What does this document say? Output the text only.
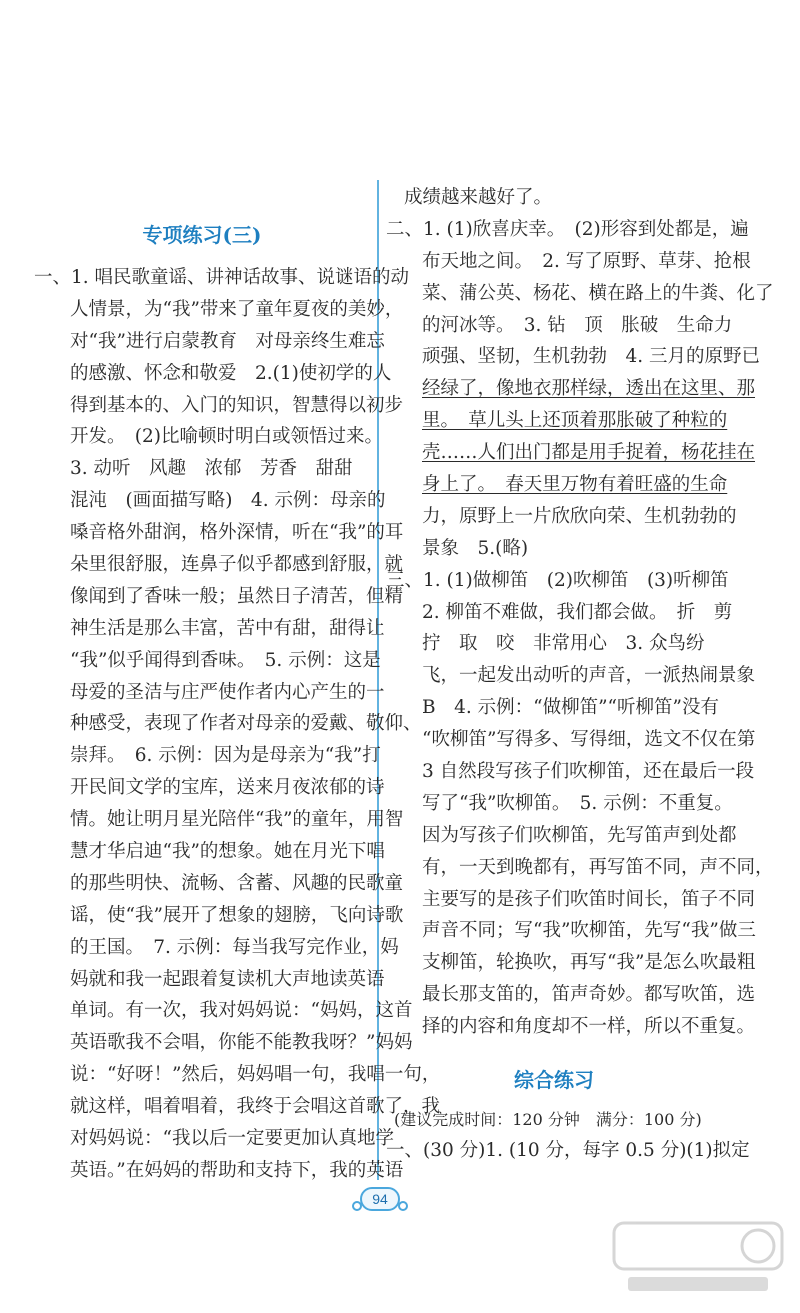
专项练习(三)
一、1. 唱民歌童谣、讲神话故事、说谜语的动
人情景，为“我”带来了童年夏夜的美妙，
对“我”进行启蒙教育　对母亲终生难忘
的感激、怀念和敬爱　2.(1)使初学的人
得到基本的、入门的知识，智慧得以初步
开发。　(2)比喻顿时明白或领悟过来。
3. 动听　风趣　浓郁　芳香　甜甜
混沌　(画面描写略)　4. 示例：母亲的
嗓音格外甜润，格外深情，听在“我”的耳
朵里很舒服，连鼻子似乎都感到舒服，就
像闻到了香味一般；虽然日子清苦，但精
神生活是那么丰富，苦中有甜，甜得让
“我”似乎闻得到香味。　5. 示例：这是
母爱的圣洁与庄严使作者内心产生的一
种感受，表现了作者对母亲的爱戴、敬仰、
崇拜。　6. 示例：因为是母亲为“我”打
开民间文学的宝库，送来月夜浓郁的诗
情。她让明月星光陪伴“我”的童年，用智
慧才华启迪“我”的想象。她在月光下唱
的那些明快、流畅、含蓄、风趣的民歌童
谣，使“我”展开了想象的翅膀，飞向诗歌
的王国。　7. 示例：每当我写完作业，妈
妈就和我一起跟着复读机大声地读英语
单词。有一次，我对妈妈说：“妈妈，这首
英语歌我不会唱，你能不能教我呀？”妈妈
说：“好呀！”然后，妈妈唱一句，我唱一句，
就这样，唱着唱着，我终于会唱这首歌了，我
对妈妈说：“我以后一定要更加认真地学
英语。”在妈妈的帮助和支持下，我的英语
成绩越来越好了。
二、1. (1)欣喜庆幸。　(2)形容到处都是，遍
布天地之间。　2. 写了原野、草芽、抢根
菜、蒲公英、杨花、横在路上的牛粪、化了
的河冰等。　3. 钻　顶　胀破　生命力
顽强、坚韧，生机勃勃　4. 三月的原野已
经绿了，像地衣那样绿，透出在这里、那
里。　草儿头上还顶着那胀破了种粒的
壳……人们出门都是用手捉着，杨花挂在
身上了。　春天里万物有着旺盛的生命
力，原野上一片欣欣向荣、生机勃勃的
景象　5.(略)
三、1. (1)做柳笛　(2)吹柳笛　(3)听柳笛
2. 柳笛不难做，我们都会做。　折　剪
拧　取　咬　非常用心　3. 众鸟纷
飞，一起发出动听的声音，一派热闹景象
B　4. 示例：“做柳笛”“听柳笛”没有
“吹柳笛”写得多、写得细，选文不仅在第
3 自然段写孩子们吹柳笛，还在最后一段
写了“我”吹柳笛。　5. 示例：不重复。
因为写孩子们吹柳笛，先写笛声到处都
有，一天到晚都有，再写笛不同，声不同，
主要写的是孩子们吹笛时间长，笛子不同
声音不同；写“我”吹柳笛，先写“我”做三
支柳笛，轮换吹，再写“我”是怎么吹最粗
最长那支笛的，笛声奇妙。都写吹笛，选
择的内容和角度却不一样，所以不重复。
综合练习
(建议完成时间：120 分钟　满分：100 分)
一、(30 分)1. (10 分，每字 0.5 分)(1)拟定
94
